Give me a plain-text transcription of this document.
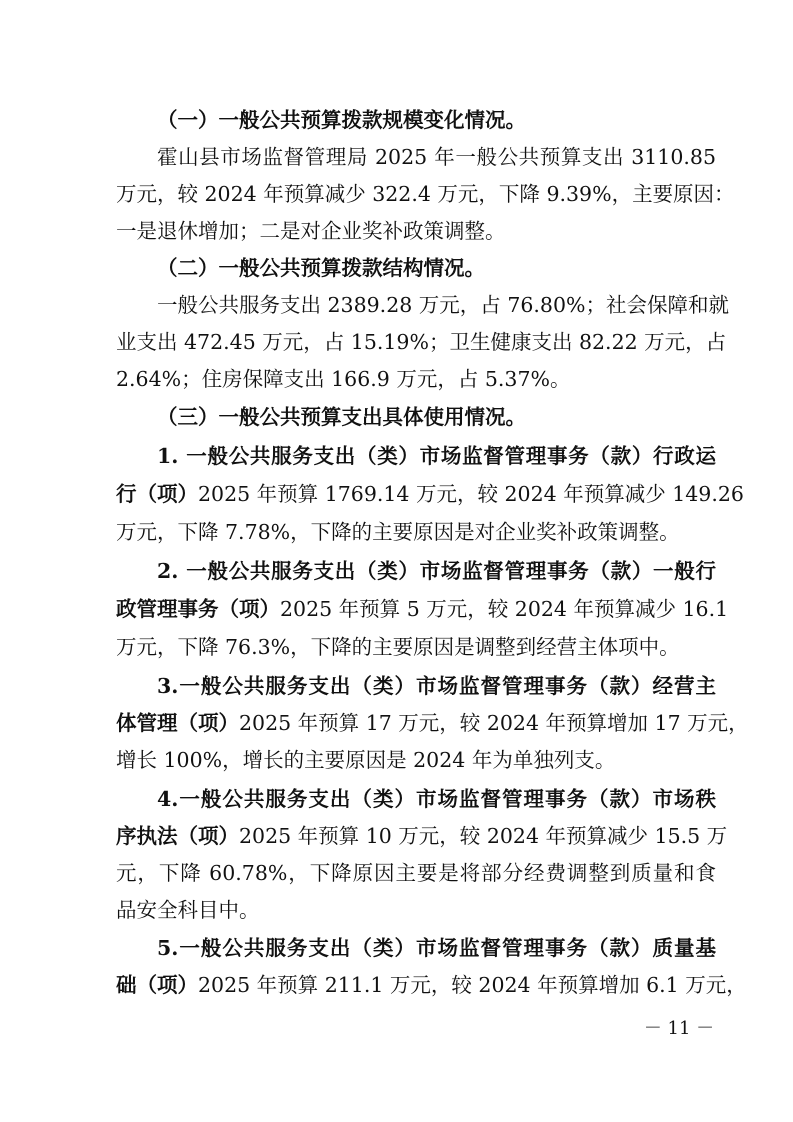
（一）一般公共预算拨款规模变化情况。
霍山县市场监督管理局 2025 年一般公共预算支出 3110.85
万元，较 2024 年预算减少 322.4 万元，下降 9.39%，主要原因：
一是退休增加；二是对企业奖补政策调整。
（二）一般公共预算拨款结构情况。
一般公共服务支出 2389.28 万元，占 76.80%；社会保障和就
业支出 472.45 万元，占 15.19%；卫生健康支出 82.22 万元，占
2.64%；住房保障支出 166.9 万元，占 5.37%。
（三）一般公共预算支出具体使用情况。
1. 一般公共服务支出（类）市场监督管理事务（款）行政运
行（项）2025 年预算 1769.14 万元，较 2024 年预算减少 149.26
万元，下降 7.78%，下降的主要原因是对企业奖补政策调整。
2. 一般公共服务支出（类）市场监督管理事务（款）一般行
政管理事务（项）2025 年预算 5 万元，较 2024 年预算减少 16.1
万元，下降 76.3%，下降的主要原因是调整到经营主体项中。
3.一般公共服务支出（类）市场监督管理事务（款）经营主
体管理（项）2025 年预算 17 万元，较 2024 年预算增加 17 万元，
增长 100%，增长的主要原因是 2024 年为单独列支。
4.一般公共服务支出（类）市场监督管理事务（款）市场秩
序执法（项）2025 年预算 10 万元，较 2024 年预算减少 15.5 万
元，下降 60.78%，下降原因主要是将部分经费调整到质量和食
品安全科目中。
5.一般公共服务支出（类）市场监督管理事务（款）质量基
础（项）2025 年预算 211.1 万元，较 2024 年预算增加 6.1 万元，
－ 11 －
